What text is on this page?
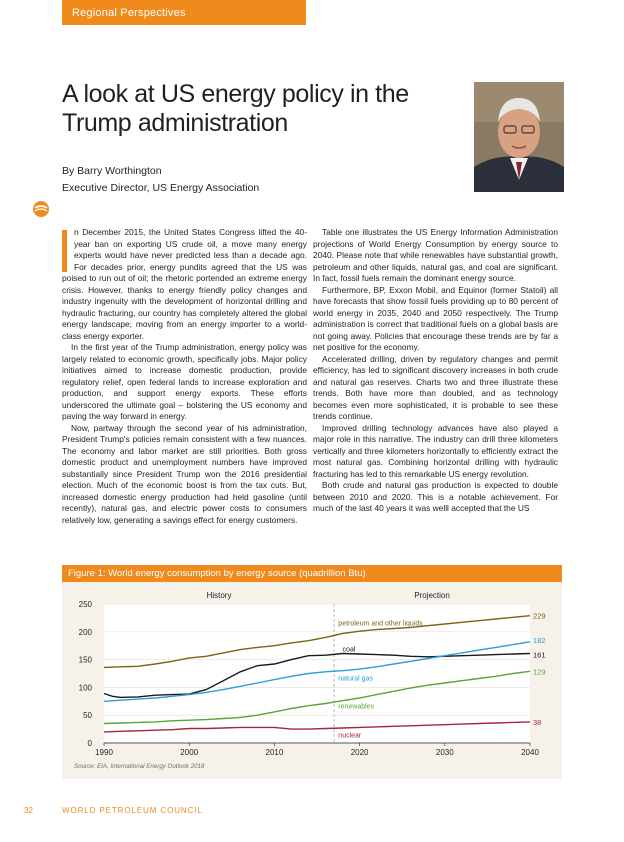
Regional Perspectives
A look at US energy policy in the Trump administration
By Barry Worthington
Executive Director, US Energy Association

n December 2015, the United States Congress lifted the 40-year ban on exporting US crude oil, a move many energy experts would have never predicted less than a decade ago. For decades prior, energy pundits agreed that the US was poised to run out of oil; the rhetoric portended an extreme energy crisis. However, thanks to energy friendly policy changes and industry ingenuity with the development of horizontal drilling and hydraulic fracturing, our country has completely altered the global energy landscape; moving from an energy importer to a world-class energy exporter.

In the first year of the Trump administration, energy policy was largely related to economic growth, specifically jobs. Major policy initiatives aimed to increase domestic production, provide regulatory relief, open federal lands to increase exploration and production, and support energy exports. These efforts underscored the ultimate goal – bolstering the US economy and paving the way forward in energy.

Now, partway through the second year of his administration, President Trump's policies remain consistent with a few nuances. The economy and labor market are still priorities. Both gross domestic product and unemployment numbers have improved substantially since President Trump won the 2016 presidential election. Much of the economic boost is from the tax cuts. But, increased domestic energy production had held gasoline (until recently), natural gas, and electric power costs to consumers relatively low, generating a savings effect for energy customers.

Table one illustrates the US Energy Information Administration projections of World Energy Consumption by energy source to 2040. Please note that while renewables have substantial growth, petroleum and other liquids, natural gas, and coal are significant. In fact, fossil fuels remain the dominant energy source.

Furthermore, BP, Exxon Mobil, and Equinor (former Statoil) all have forecasts that show fossil fuels providing up to 80 percent of world energy in 2035, 2040 and 2050 respectively. The Trump administration is correct that traditional fuels on a global basis are not going away. Policies that encourage these trends are by far a net positive for the economy.

Accelerated drilling, driven by regulatory changes and permit efficiency, has led to significant discovery increases in both crude and natural gas reserves. Charts two and three illustrate these trends. Both have more than doubled, and as technology becomes even more sophisticated, it is probable to see these trends continue.

Improved drilling technology advances have also played a major role in this narrative. The industry can drill three kilometers vertically and three kilometers horizontally to efficiently extract the most natural gas. Combining horizontal drilling with hydraulic fracturing has led to this remarkable US energy revolution.

Both crude and natural gas production is expected to double between 2010 and 2020. This is a notable achievement. For much of the last 40 years it was welll accepted that the US

Figure 1: World energy consumption by energy source (quadrillion Btu)
0
50
100
150
200
250
1990	2000	2010	2020	2030	2040
History	Projection
petroleum and other liquids
229
coal
161
natural gas
182
renewables
129
nuclear
38
Source: EIA, International Energy Outlook 2018
32	WORLD PETROLEUM COUNCIL
